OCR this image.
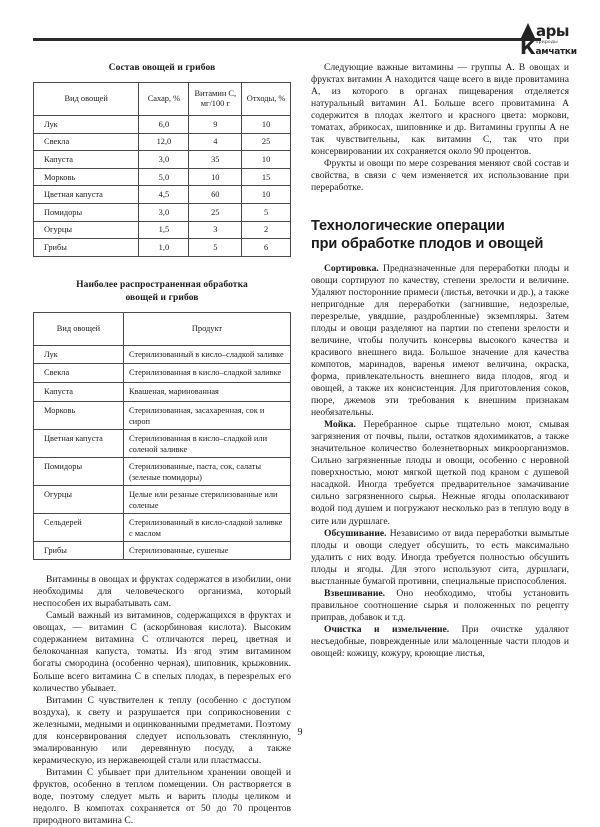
ары
К природы
амчатки
Состав овощей и грибов
Вид овощей	Сахар, %	Витамин С, мг/100 г	Отходы, %
Лук	6,0	9	10
Свекла	12,0	4	25
Капуста	3,0	35	10
Морковь	5,0	10	15
Цветная капуста	4,5	60	10
Помидоры	3,0	25	5
Огурцы	1,5	3	2
Грибы	1,0	5	6
Наиболее распространенная обработка
овощей и грибов
Вид овощей	Продукт
Лук	Стерилизованный в кисло–сладкой заливке
Свекла	Стерилизованная в кисло–сладкой заливке
Капуста	Квашеная, маринованная
Морковь	Стерилизованная, засахаренная, сок и сироп
Цветная капуста	Стерилизованная в кисло–сладкой или соленой заливке
Помидоры	Стерилизованные, паста, сок, салаты (зеленые помидоры)
Огурцы	Целые или резаные стерилизованные или соленые
Сельдерей	Стерилизованный в кисло-сладкой заливке с маслом
Грибы	Стерилизованные, сушеные

Витамины в овощах и фруктах содержатся в изобилии, они необходимы для человеческого организма, который неспособен их вырабатывать сам.

Самый важный из витаминов, содержащихся в фруктах и овощах, — витамин С (аскорбиновая кислота). Высоким содержанием витамина С отличаются перец, цветная и белокочанная капуста, томаты. Из ягод этим витамином богаты смородина (особенно черная), шиповник, крыжовник. Больше всего витамина С в спелых плодах, в перезрелых его количество убывает.

Витамин С чувствителен к теплу (особенно с доступом воздуха), к свету и разрушается при соприкосновении с железными, медными и оцинкованными предметами. Поэтому для консервирования следует использовать стеклянную, эмалированную или деревянную посуду, а также керамическую, из нержавеющей стали или пластмассы.

Витамин С убывает при длительном хранении овощей и фруктов, особенно в теплом помещении. Он растворяется в воде, поэтому следует мыть и варить плоды целиком и недолго. В компотах сохраняется от 50 до 70 процентов природного витамина С.

Следующие важные витамины — группы А. В овощах и фруктах витамин А находится чаще всего в виде провитамина А, из которого в органах пищеварения отделяется натуральный витамин А1. Больше всего провитамина А содержится в плодах желтого и красного цвета: моркови, томатах, абрикосах, шиповнике и др. Витамины группы А не так чувствительны, как витамин С, так что при консервировании их сохраняется около 90 процентов.

Фрукты и овощи по мере созревания меняют свой состав и свойства, в связи с чем изменяется их использование при переработке.

Технологические операции
при обработке плодов и овощей

Сортировка. Предназначенные для переработки плоды и овощи сортируют по качеству, степени зрелости и величине. Удаляют посторонние примеси (листья, веточки и др.), а также непригодные для переработки (загнившие, недозрелые, перезрелые, увядшие, раздробленные) экземпляры. Затем плоды и овощи разделяют на партии по степени зрелости и величине, чтобы получить консервы высокого качества и красивого внешнего вида. Большое значение для качества компотов, маринадов, варенья имеют величина, окраска, форма, привлекательность внешнего вида плодов, ягод и овощей, а также их консистенция. Для приготовления соков, пюре, джемов эти требования к внешним признакам необязательны.

Мойка. Перебранное сырье тщательно моют, смывая загрязнения от почвы, пыли, остатков ядохимикатов, а также значительное количество болезнетворных микроорганизмов. Сильно загрязненные плоды и овощи, особенно с неровной поверхностью, моют мягкой щеткой под краном с душевой насадкой. Иногда требуется предварительное замачивание сильно загрязненного сырья. Нежные ягоды ополаскивают водой под душем и погружают несколько раз в теплую воду в сите или дуршлаге.

Обсушивание. Независимо от вида переработки вымытые плоды и овощи следует обсушить, то есть максимально удалить с них воду. Иногда требуется полностью обсушить плоды и ягоды. Для этого используют сита, дуршлаги, выстланные бумагой противни, специальные приспособления.

Взвешивание. Оно необходимо, чтобы установить правильное соотношение сырья и положенных по рецепту приправ, добавок и т.д.

Очистка и измельчение. При очистке удаляют несъедобные, поврежденные или малоценные части плодов и овощей: кожицу, кожуру, кроющие листья,

9
